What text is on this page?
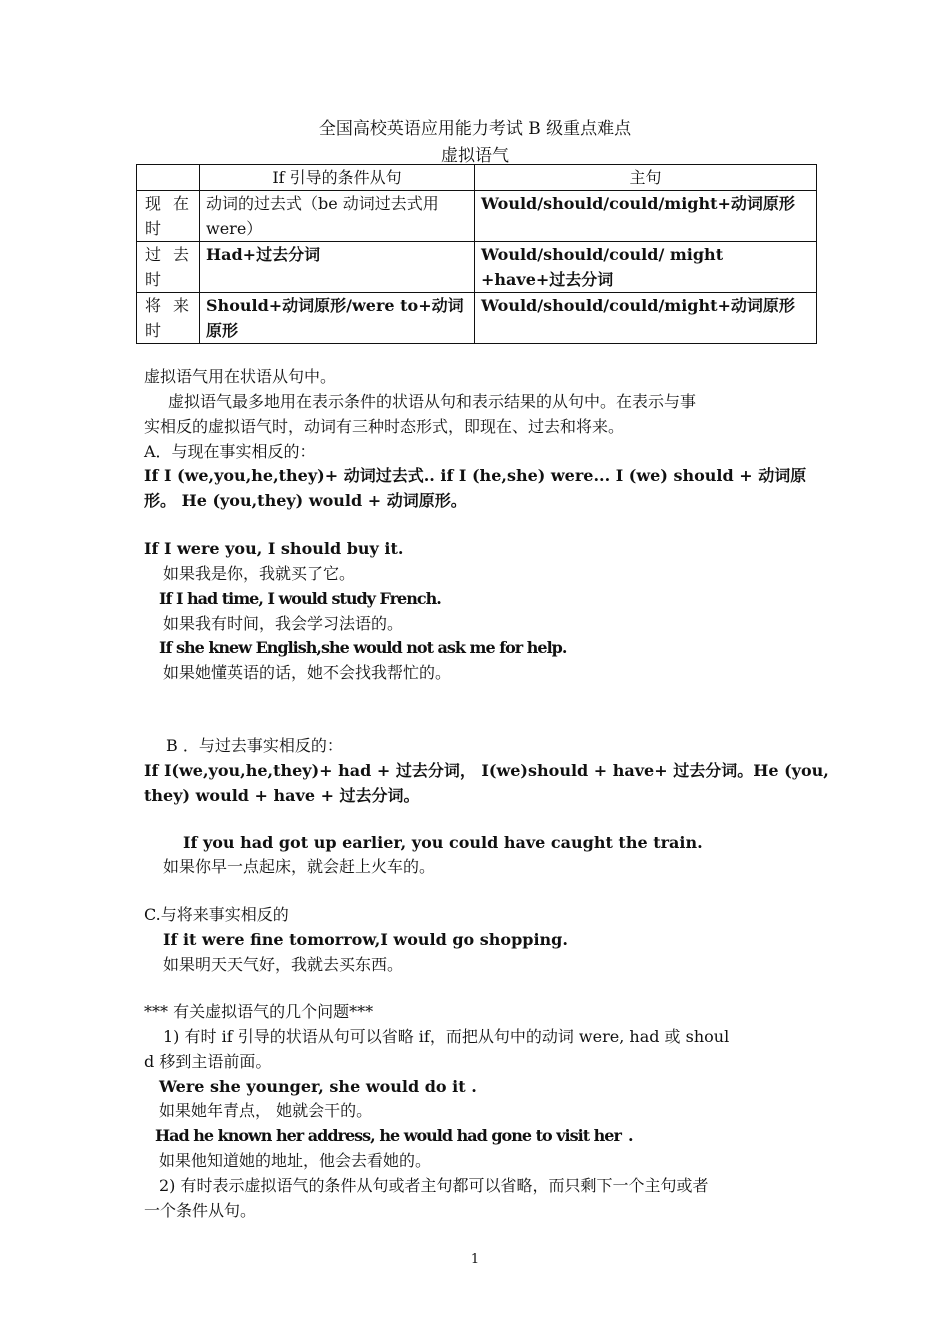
全国高校英语应用能力考试 B 级重点难点
虚拟语气
	If 引导的条件从句	主句
现在时	动词的过去式（be 动词过去式用 were）	Would/should/could/might+动词原形
过去时	Had+过去分词	Would/should/could/ might +have+过去分词
将来时	Should+动词原形/were to+动词原形	Would/should/could/might+动词原形
虚拟语气用在状语从句中。
虚拟语气最多地用在表示条件的状语从句和表示结果的从句中。在表示与事
实相反的虚拟语气时，动词有三种时态形式，即现在、过去和将来。
A．与现在事实相反的：
If I (we,you,he,they)+ 动词过去式.. if I (he,she) were... I (we) should + 动词原
形。 He (you,they) would + 动词原形。
If I were you, I should buy it.
如果我是你，我就买了它。
If I had time, I would study French.
如果我有时间，我会学习法语的。
If she knew English,she would not ask me for help.
如果她懂英语的话，她不会找我帮忙的。
B ．与过去事实相反的：
If I(we,you,he,they)+ had + 过去分词， I(we)should + have+ 过去分词。He (you,
they) would + have + 过去分词。
If you had got up earlier, you could have caught the train.
如果你早一点起床，就会赶上火车的。
C.与将来事实相反的
If it were fine tomorrow,I would go shopping.
如果明天天气好，我就去买东西。
*** 有关虚拟语气的几个问题***
1) 有时 if 引导的状语从句可以省略 if，而把从句中的动词 were, had 或 shoul
d 移到主语前面。
Were she younger, she would do it .
如果她年青点， 她就会干的。
Had he known her address, he would had gone to visit her .
如果他知道她的地址，他会去看她的。
2) 有时表示虚拟语气的条件从句或者主句都可以省略，而只剩下一个主句或者
一个条件从句。
1
